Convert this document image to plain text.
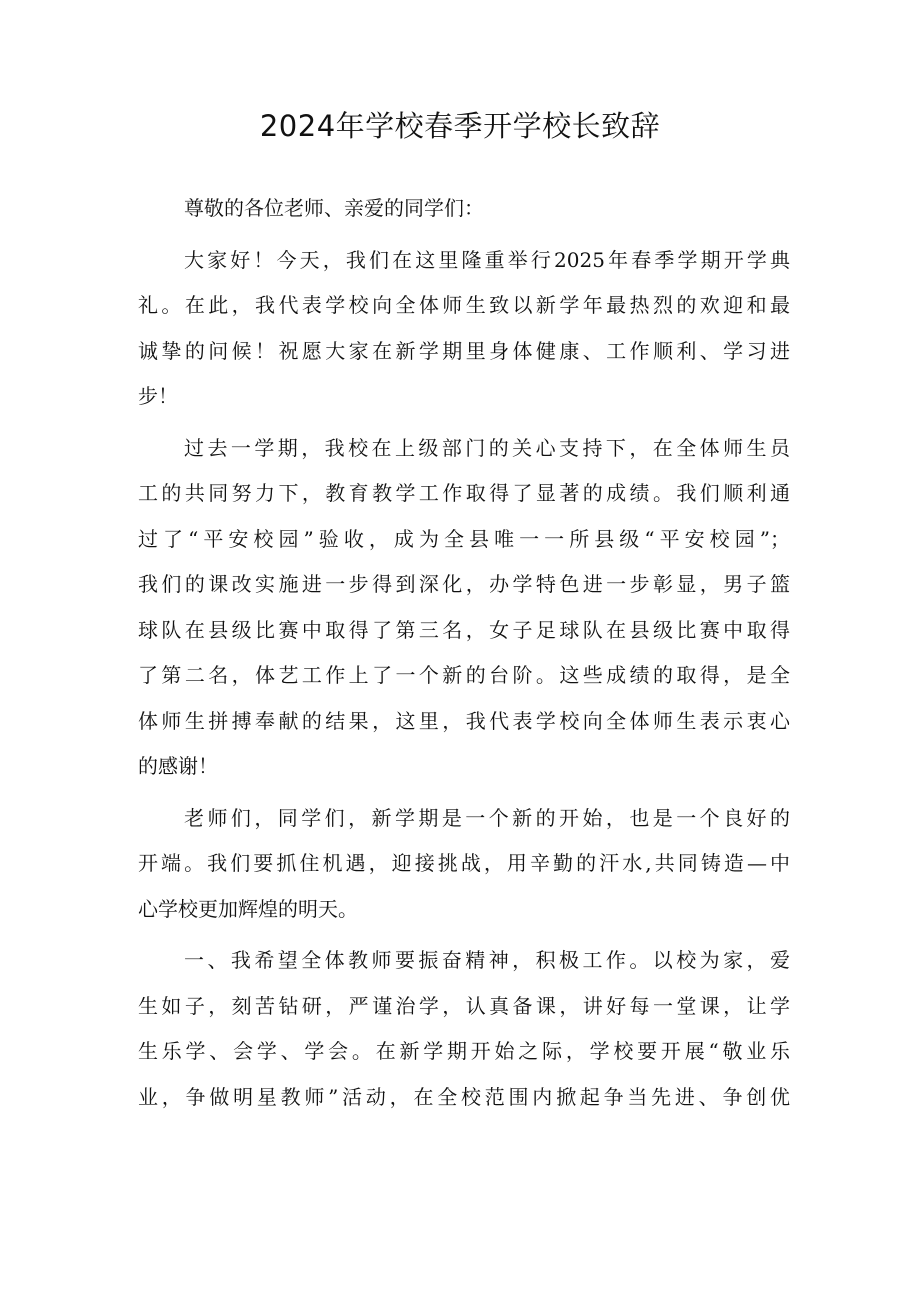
2024年学校春季开学校长致辞
尊敬的各位老师、亲爱的同学们：
大家好！今天，我们在这里隆重举行2025年春季学期开学典
礼。在此，我代表学校向全体师生致以新学年最热烈的欢迎和最
诚挚的问候！祝愿大家在新学期里身体健康、工作顺利、学习进
步！
过去一学期，我校在上级部门的关心支持下，在全体师生员
工的共同努力下，教育教学工作取得了显著的成绩。我们顺利通
过了“平安校园”验收，成为全县唯一一所县级“平安校园”；
我们的课改实施进一步得到深化，办学特色进一步彰显，男子篮
球队在县级比赛中取得了第三名，女子足球队在县级比赛中取得
了第二名，体艺工作上了一个新的台阶。这些成绩的取得，是全
体师生拼搏奉献的结果，这里，我代表学校向全体师生表示衷心
的感谢！
老师们，同学们，新学期是一个新的开始，也是一个良好的
开端。我们要抓住机遇，迎接挑战，用辛勤的汗水,共同铸造—中
心学校更加辉煌的明天。
一、我希望全体教师要振奋精神，积极工作。以校为家，爱
生如子，刻苦钻研，严谨治学，认真备课，讲好每一堂课，让学
生乐学、会学、学会。在新学期开始之际，学校要开展“敬业乐
业，争做明星教师”活动，在全校范围内掀起争当先进、争创优
